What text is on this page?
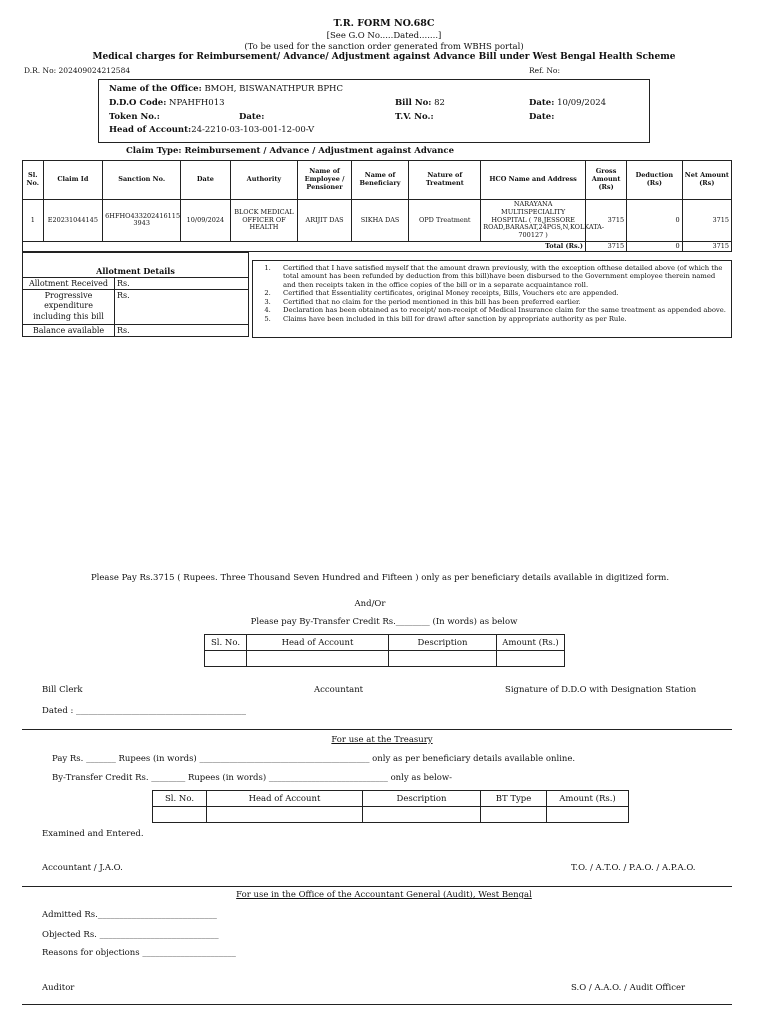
T.R. FORM NO.68C
[See G.O No.....Dated.......]
(To be used for the sanction order generated from WBHS portal)
Medical charges for Reimbursement/ Advance/ Adjustment against Advance Bill under West Bengal Health Scheme
D.R. No: 202409024212584	Ref. No:
Name of the Office: BMOH, BISWANATHPUR BPHC
D.D.O Code: NPAHFH013	Bill No: 82	Date: 10/09/2024
Token No.:	Date:	T.V. No.:	Date:
Head of Account:24-2210-03-103-001-12-00-V
Claim Type: Reimbursement / Advance / Adjustment against Advance
Sl. No.	Claim Id	Sanction No.	Date	Authority	Name of Employee / Pensioner	Name of Beneficiary	Nature of Treatment	HCO Name and Address	Gross Amount (Rs)	Deduction (Rs)	Net Amount (Rs)
1	E20231044145	6HFHO433202416115 3943	10/09/2024	BLOCK MEDICAL OFFICER OF HEALTH	ARIJIT DAS	SIKHA DAS	OPD Treatment	NARAYANA MULTISPECIALITY HOSPITAL ( 78,JESSORE ROAD,BARASAT,24PGS,N,KOLKATA-700127 )	3715	0	3715
Total (Rs.)									3715	0	3715
Allotment Details	
Allotment Received	Rs.
Progressive expenditure including this bill	Rs.
Balance available	Rs.
1. Certified that I have satisfied myself that the amount drawn previously, with the exception ofthese detailed above (of which the total amount has been refunded by deduction from this bill)have been disbursed to the Government employee therein named and then receipts taken in the office copies of the bill or in a separate acquaintance roll.
2. Certified that Essentiality certificates, original Money receipts, Bills, Vouchers etc are appended.
3. Certified that no claim for the period mentioned in this bill has been preferred earlier.
4. Declaration has been obtained as to receipt/ non-receipt of Medical Insurance claim for the same treatment as appended above.
5. Claims have been included in this bill for drawl after sanction by appropriate authority as per Rule.
Please Pay Rs.3715 ( Rupees. Three Thousand Seven Hundred and Fifteen ) only as per beneficiary details available in digitized form.
And/Or
Please pay By-Transfer Credit Rs.________ (In words) as below
Sl. No.	Head of Account	Description	Amount (Rs.)

Bill Clerk	Accountant	Signature of D.D.O with Designation Station
Dated : ________________________________________
For use at the Treasury
Pay Rs. _______ Rupees (in words) ________________________________________ only as per beneficiary details available online.
By-Transfer Credit Rs. ________ Rupees (in words) ____________________________ only as below-
Sl. No.	Head of Account	Description	BT Type	Amount (Rs.)

Examined and Entered.
Accountant / J.A.O.	T.O. / A.T.O. / P.A.O. / A.P.A.O.
For use in the Office of the Accountant General (Audit), West Bengal
Admitted Rs.____________________________
Objected Rs. ____________________________
Reasons for objections ______________________
Auditor	S.O / A.A.O. / Audit Officer
